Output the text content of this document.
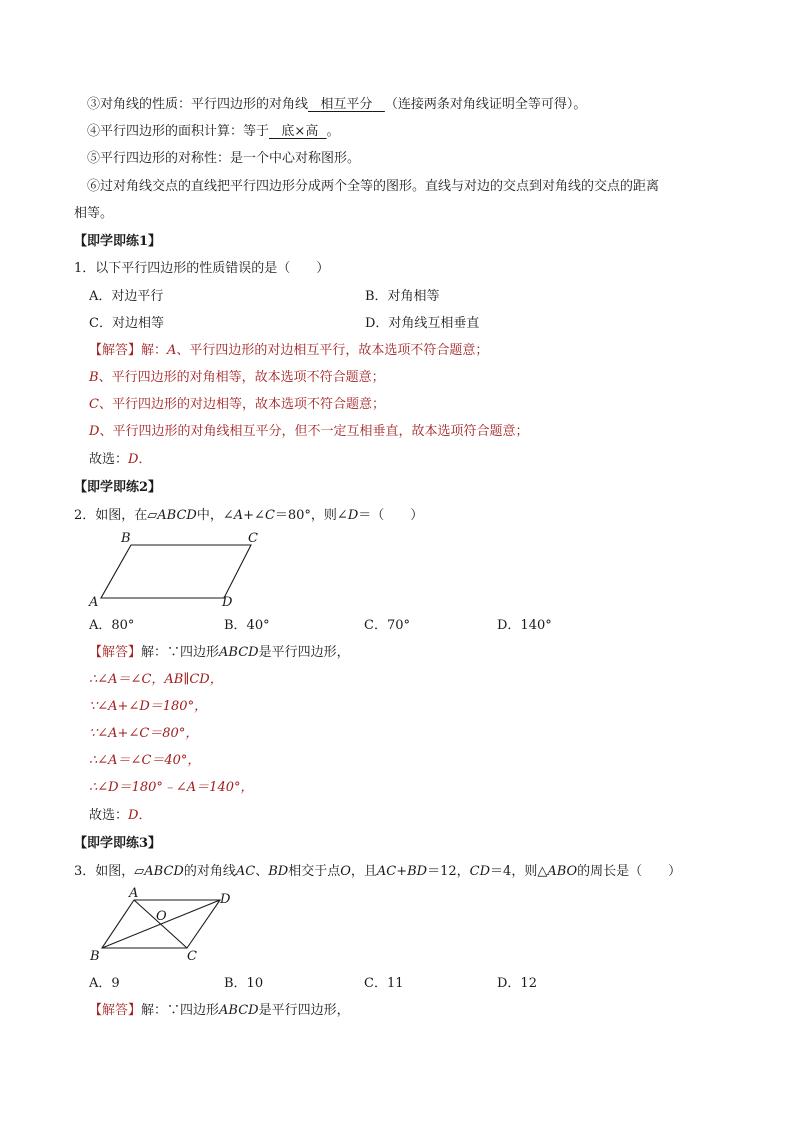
③对角线的性质：平行四边形的对角线 相互平分 （连接两条对角线证明全等可得）。
④平行四边形的面积计算：等于 底×高 。
⑤平行四边形的对称性：是一个中心对称图形。
⑥过对角线交点的直线把平行四边形分成两个全等的图形。直线与对边的交点到对角线的交点的距离
相等。
【即学即练1】
1．以下平行四边形的性质错误的是（　　）
A．对边平行	B．对角相等
C．对边相等	D．对角线互相垂直
【解答】解：A、平行四边形的对边相互平行，故本选项不符合题意；
B、平行四边形的对角相等，故本选项不符合题意；
C、平行四边形的对边相等，故本选项不符合题意；
D、平行四边形的对角线相互平分，但不一定互相垂直，故本选项符合题意；
故选：D．
【即学即练2】
2．如图，在▱ABCD中，∠A+∠C＝80°，则∠D＝（　　）
B	C
A	D
A．80°	B．40°	C．70°	D．140°
【解答】解：∵四边形ABCD是平行四边形，
∴∠A＝∠C，AB∥CD，
∵∠A+∠D＝180°，
∵∠A+∠C＝80°，
∴∠A＝∠C＝40°，
∴∠D＝180°﹣∠A＝140°，
故选：D．
【即学即练3】
3．如图，▱ABCD的对角线AC、BD相交于点O，且AC+BD＝12，CD＝4，则△ABO的周长是（　　）
A	D
O
B	C
A．9	B．10	C．11	D．12
【解答】解：∵四边形ABCD是平行四边形，
